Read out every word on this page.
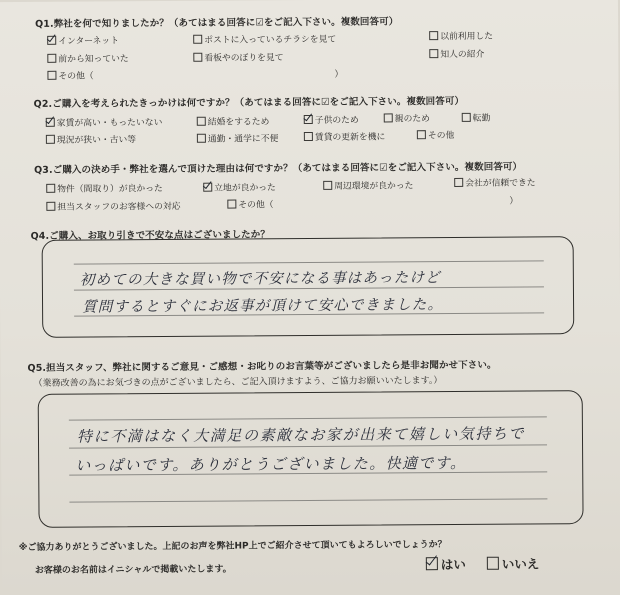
Q1.弊社を何で知りましたか？（あてはまる回答に☑をご記入下さい。複数回答可）
インターネット	ポストに入っているチラシを見て	以前利用した
前から知っていた	看板やのぼりを見て	知人の紹介
その他（	）
Q2.ご購入を考えられたきっかけは何ですか？（あてはまる回答に☑をご記入下さい。複数回答可）
家賃が高い・もったいない	結婚をするため	子供のため	親のため	転勤
現況が狭い・古い等	通勤・通学に不便	賃貸の更新を機に	その他
Q3.ご購入の決め手・弊社を選んで頂けた理由は何ですか？（あてはまる回答に☑をご記入下さい。複数回答可）
物件（間取り）が良かった	立地が良かった	周辺環境が良かった	会社が信頼できた
担当スタッフのお客様への対応	その他（	）
Q4.ご購入、お取り引きで不安な点はございましたか？
初めての大きな買い物で不安になる事はあったけど
質問するとすぐにお返事が頂けて安心できました。
Q5.担当スタッフ、弊社に関するご意見・ご感想・お叱りのお言葉等がございましたら是非お聞かせ下さい。
（業務改善の為にお気づきの点がございましたら、ご記入頂けますよう、ご協力お願いいたします。）
特に不満はなく大満足の素敵なお家が出来て嬉しい気持ちで
いっぱいです。ありがとうございました。快適です。
※ご協力ありがとうございました。上記のお声を弊社HP上でご紹介させて頂いてもよろしいでしょうか？
お客様のお名前はイニシャルで掲載いたします。	はい	いいえ
